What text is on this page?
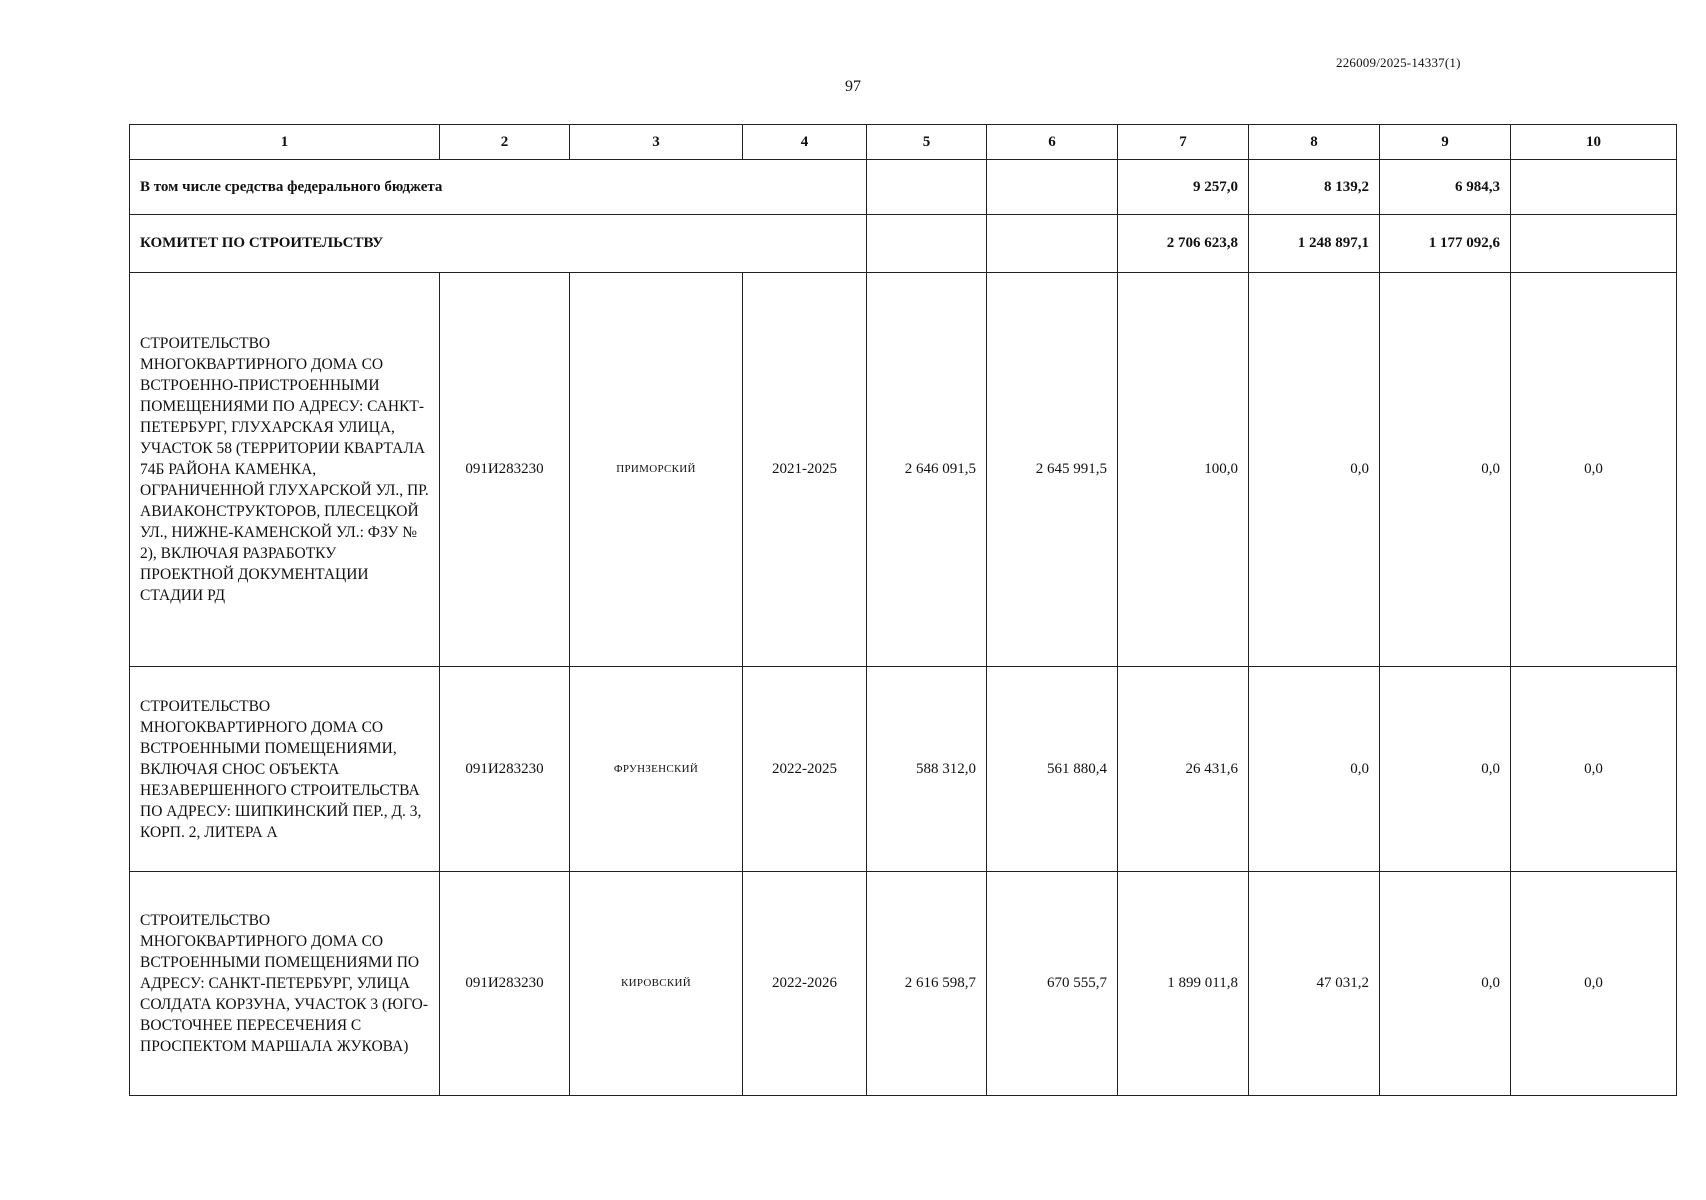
226009/2025-14337(1)
97
1	2	3	4	5	6	7	8	9	10
В том числе средства федерального бюджета						9 257,0	8 139,2	6 984,3	
КОМИТЕТ ПО СТРОИТЕЛЬСТВУ						2 706 623,8	1 248 897,1	1 177 092,6	
СТРОИТЕЛЬСТВО МНОГОКВАРТИРНОГО ДОМА СО ВСТРОЕННО-ПРИСТРОЕННЫМИ ПОМЕЩЕНИЯМИ ПО АДРЕСУ: САНКТ-ПЕТЕРБУРГ, ГЛУХАРСКАЯ УЛИЦА, УЧАСТОК 58 (ТЕРРИТОРИИ КВАРТАЛА 74Б РАЙОНА КАМЕНКА, ОГРАНИЧЕННОЙ ГЛУХАРСКОЙ УЛ., ПР. АВИАКОНСТРУКТОРОВ, ПЛЕСЕЦКОЙ УЛ., НИЖНЕ-КАМЕНСКОЙ УЛ.: ФЗУ № 2), ВКЛЮЧАЯ РАЗРАБОТКУ ПРОЕКТНОЙ ДОКУМЕНТАЦИИ СТАДИИ РД	091И283230	ПРИМОРСКИЙ	2021-2025	2 646 091,5	2 645 991,5	100,0	0,0	0,0	0,0
СТРОИТЕЛЬСТВО МНОГОКВАРТИРНОГО ДОМА СО ВСТРОЕННЫМИ ПОМЕЩЕНИЯМИ, ВКЛЮЧАЯ СНОС ОБЪЕКТА НЕЗАВЕРШЕННОГО СТРОИТЕЛЬСТВА ПО АДРЕСУ: ШИПКИНСКИЙ ПЕР., Д. 3, КОРП. 2, ЛИТЕРА А	091И283230	ФРУНЗЕНСКИЙ	2022-2025	588 312,0	561 880,4	26 431,6	0,0	0,0	0,0
СТРОИТЕЛЬСТВО МНОГОКВАРТИРНОГО ДОМА СО ВСТРОЕННЫМИ ПОМЕЩЕНИЯМИ ПО АДРЕСУ: САНКТ-ПЕТЕРБУРГ, УЛИЦА СОЛДАТА КОРЗУНА, УЧАСТОК 3 (ЮГО-ВОСТОЧНЕЕ ПЕРЕСЕЧЕНИЯ С ПРОСПЕКТОМ МАРШАЛА ЖУКОВА)	091И283230	КИРОВСКИЙ	2022-2026	2 616 598,7	670 555,7	1 899 011,8	47 031,2	0,0	0,0
